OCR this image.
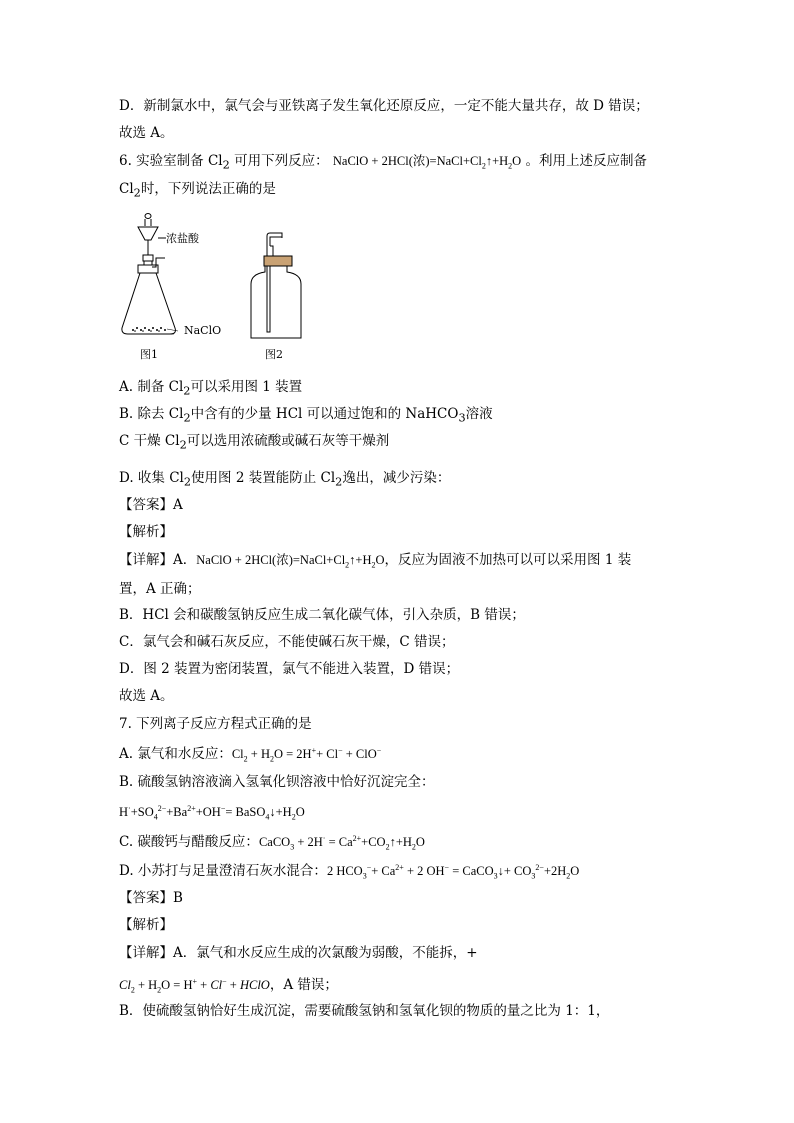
D．新制氯水中，氯气会与亚铁离子发生氧化还原反应，一定不能大量共存，故 D 错误；
故选 A。
6. 实验室制备 $Cl_2$ 可用下列反应： NaClO + 2HCl(浓)$=NaCl+Cl_2↑+H_2O$ 。利用上述反应制备
$Cl_2$时，下列说法正确的是
浓盐酸
NaClO
图1	图2
A. 制备 $Cl_2$可以采用图 1 装置
B. 除去 $Cl_2$中含有的少量 HCl 可以通过饱和的 NaHCO$_3$溶液
C 干燥 $Cl_2$可以选用浓硫酸或碱石灰等干燥剂
D. 收集 $Cl_2$使用图 2 装置能防止 $Cl_2$逸出，减少污染：
【答案】A
【解析】
【详解】A．NaClO + 2HCl(浓)$=NaCl+Cl_2↑+H_2O$，反应为固液不加热可以可以采用图 1 装
置，A 正确；
B．HCl 会和碳酸氢钠反应生成二氧化碳气体，引入杂质，B 错误；
C．氯气会和碱石灰反应，不能使碱石灰干燥，C 错误；
D．图 2 装置为密闭装置，氯气不能进入装置，D 错误；
故选 A。
7. 下列离子反应方程式正确的是
A. 氯气和水反应：$Cl_2 + H_2O = 2H^++ Cl^- + ClO^-$
B. 硫酸氢钠溶液滴入氢氧化钡溶液中恰好沉淀完全：
$H^\cdot+SO_4^{2-}+Ba^{2+}+OH^-=$ $BaSO_4↓+H_2O$
C. 碳酸钙与醋酸反应：CaCO$_3$ + $2H^\cdot = Ca^{2+}+CO_2↑+H_2O$
D. 小苏打与足量澄清石灰水混合：2 $HCO_3^-+ Ca^{2+} + 2$ OH− = CaCO$_3$↓+ $CO_3^{2-}+2H_2O$
【答案】B
【解析】
【详解】A．氯气和水反应生成的次氯酸为弱酸，不能拆，+
$Cl_2 + H_2O = H^+ + Cl^-$ + HClO，A 错误；
B．使硫酸氢钠恰好生成沉淀，需要硫酸氢钠和氢氧化钡的物质的量之比为 1：1，
